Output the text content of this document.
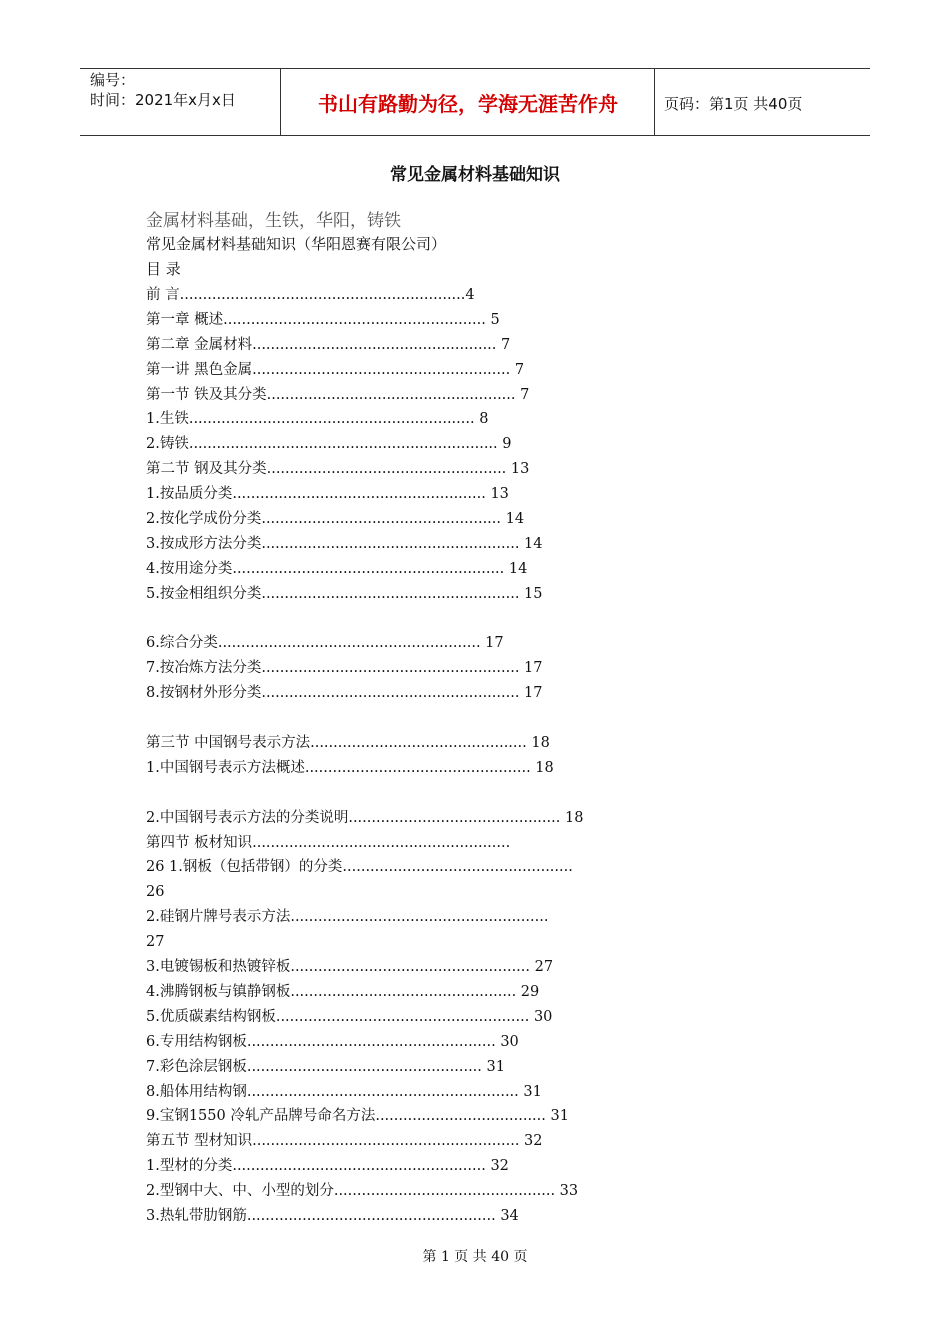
编号：
时间：2021年x月x日	书山有路勤为径，学海无涯苦作舟	页码：第1页 共40页
常见金属材料基础知识
金属材料基础，生铁，华阳，铸铁
常见金属材料基础知识（华阳恩赛有限公司）
目 录
前 言..............................................................4
第一章 概述......................................................... 5
第二章 金属材料..................................................... 7
第一讲 黑色金属........................................................ 7
第一节 铁及其分类...................................................... 7
1.生铁.............................................................. 8
2.铸铁................................................................... 9
第二节 钢及其分类.................................................... 13
1.按品质分类....................................................... 13
2.按化学成份分类.................................................... 14
3.按成形方法分类........................................................ 14
4.按用途分类........................................................... 14
5.按金相组织分类........................................................ 15
6.综合分类......................................................... 17
7.按冶炼方法分类........................................................ 17
8.按钢材外形分类........................................................ 17
第三节 中国钢号表示方法............................................... 18
1.中国钢号表示方法概述................................................. 18
2.中国钢号表示方法的分类说明.............................................. 18
第四节 板材知识........................................................
26 1.钢板（包括带钢）的分类..................................................
26
2.硅钢片牌号表示方法........................................................
27
3.电镀锡板和热镀锌板.................................................... 27
4.沸腾钢板与镇静钢板................................................. 29
5.优质碳素结构钢板....................................................... 30
6.专用结构钢板...................................................... 30
7.彩色涂层钢板................................................... 31
8.船体用结构钢........................................................... 31
9.宝钢1550 冷轧产品牌号命名方法..................................... 31
第五节 型材知识.......................................................... 32
1.型材的分类....................................................... 32
2.型钢中大、中、小型的划分................................................ 33
3.热轧带肋钢筋...................................................... 34
第 1 页 共 40 页
